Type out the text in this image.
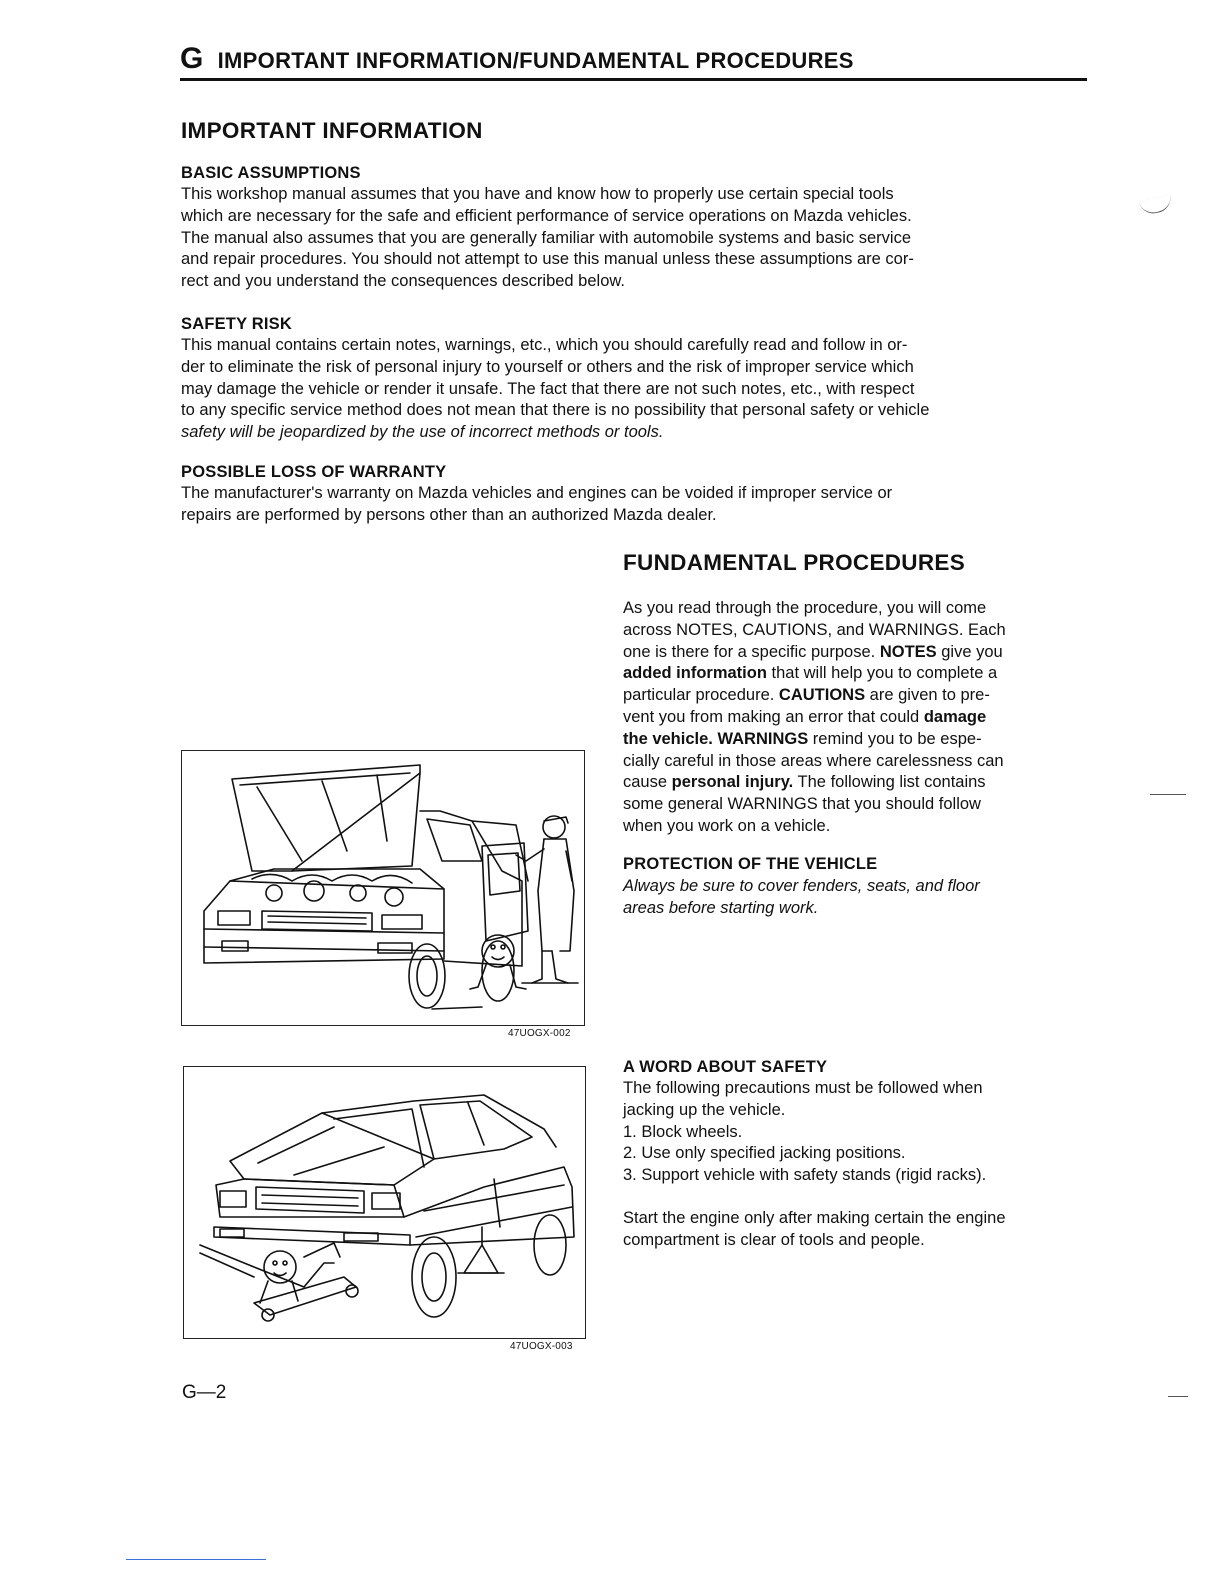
G IMPORTANT INFORMATION/FUNDAMENTAL PROCEDURES
IMPORTANT INFORMATION
BASIC ASSUMPTIONS
This workshop manual assumes that you have and know how to properly use certain special tools
which are necessary for the safe and efficient performance of service operations on Mazda vehicles.
The manual also assumes that you are generally familiar with automobile systems and basic service
and repair procedures. You should not attempt to use this manual unless these assumptions are cor-
rect and you understand the consequences described below.
SAFETY RISK
This manual contains certain notes, warnings, etc., which you should carefully read and follow in or-
der to eliminate the risk of personal injury to yourself or others and the risk of improper service which
may damage the vehicle or render it unsafe. The fact that there are not such notes, etc., with respect
to any specific service method does not mean that there is no possibility that personal safety or vehicle
safety will be jeopardized by the use of incorrect methods or tools.
POSSIBLE LOSS OF WARRANTY
The manufacturer's warranty on Mazda vehicles and engines can be voided if improper service or
repairs are performed by persons other than an authorized Mazda dealer.
FUNDAMENTAL PROCEDURES
As you read through the procedure, you will come
across NOTES, CAUTIONS, and WARNINGS. Each
one is there for a specific purpose. NOTES give you
added information that will help you to complete a
particular procedure. CAUTIONS are given to pre-
vent you from making an error that could damage
the vehicle. WARNINGS remind you to be espe-
cially careful in those areas where carelessness can
cause personal injury. The following list contains
some general WARNINGS that you should follow
when you work on a vehicle.
PROTECTION OF THE VEHICLE
Always be sure to cover fenders, seats, and floor
areas before starting work.
A WORD ABOUT SAFETY
The following precautions must be followed when
jacking up the vehicle.
1. Block wheels.
2. Use only specified jacking positions.
3. Support vehicle with safety stands (rigid racks).
Start the engine only after making certain the engine
compartment is clear of tools and people.
47UOGX-002
47UOGX-003
G—2
